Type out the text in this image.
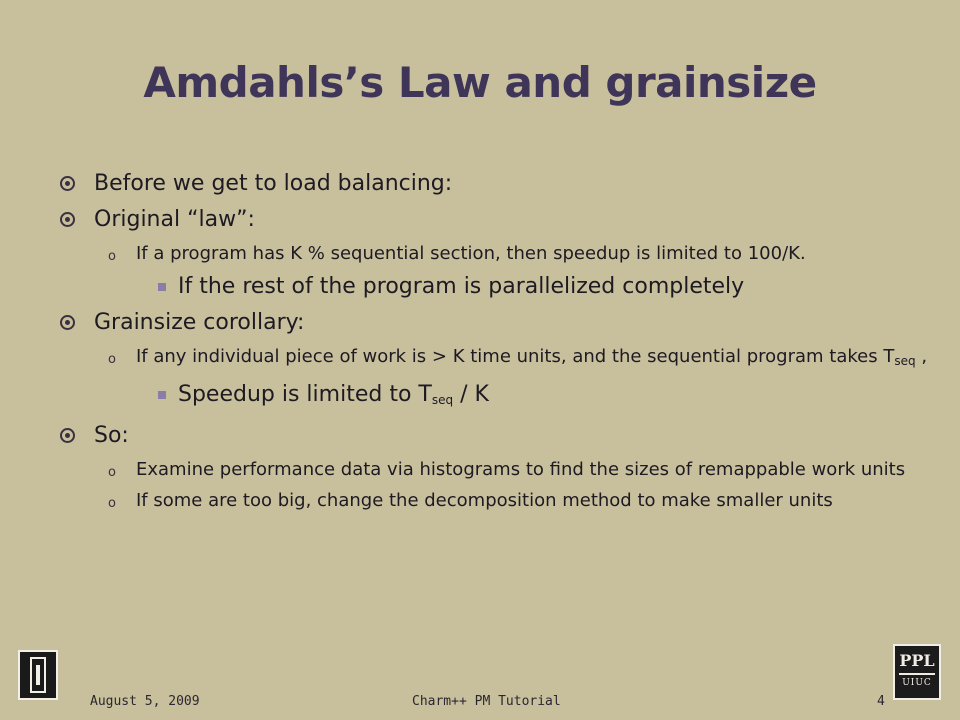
Amdahls’s Law and grainsize
Before we get to load balancing:
Original “law”:
o If a program has K % sequential section, then speedup is limited to 100/K.
If the rest of the program is parallelized completely
Grainsize corollary:
o If any individual piece of work is > K time units, and the sequential program takes $T_{seq}$ ,
Speedup is limited to $T_{seq}$ / K
So:
o Examine performance data via histograms to find the sizes of remappable work units
o If some are too big, change the decomposition method to make smaller units
August 5, 2009	Charm++ PM Tutorial	4
PPL
UIUC
